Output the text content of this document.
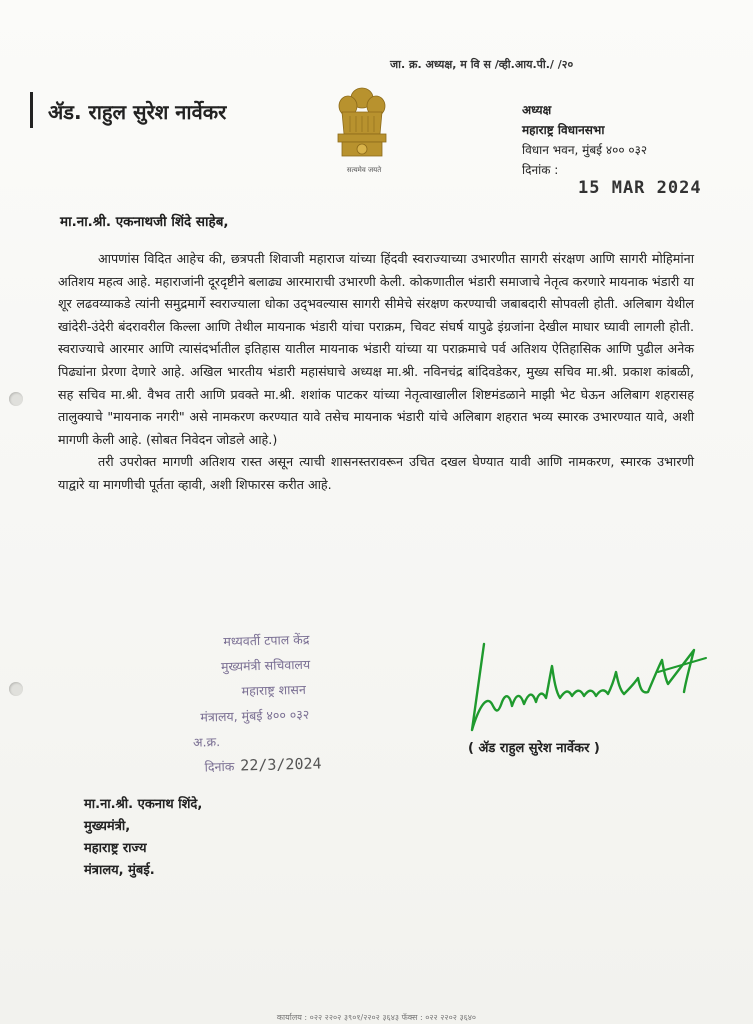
जा. क्र. अध्यक्ष, म वि स /व्ही.आय.पी./ /२०
ॲड. राहुल सुरेश नार्वेकर
सत्यमेव जयते
अध्यक्ष
महाराष्ट्र विधानसभा
विधान भवन, मुंबई ४०० ०३२
दिनांक :
15 MAR 2024
मा.ना.श्री. एकनाथजी शिंदे साहेब,

आपणांस विदित आहेच की, छत्रपती शिवाजी महाराज यांच्या हिंदवी स्वराज्याच्या उभारणीत सागरी संरक्षण आणि सागरी मोहिमांना अतिशय महत्व आहे. महाराजांनी दूरदृष्टीने बलाढ्य आरमाराची उभारणी केली. कोकणातील भंडारी समाजाचे नेतृत्व करणारे मायनाक भंडारी या शूर लढवय्याकडे त्यांनी समुद्रमार्गे स्वराज्याला धोका उद्‌भवल्यास सागरी सीमेचे संरक्षण करण्याची जबाबदारी सोपवली होती. अलिबाग येथील खांदेरी-उंदेरी बंदरावरील किल्ला आणि तेथील मायनाक भंडारी यांचा पराक्रम, चिवट संघर्ष यापुढे इंग्रजांना देखील माघार घ्यावी लागली होती. स्वराज्याचे आरमार आणि त्यासंदर्भातील इतिहास यातील मायनाक भंडारी यांच्या या पराक्रमाचे पर्व अतिशय ऐतिहासिक आणि पुढील अनेक पिढ्यांना प्रेरणा देणारे आहे. अखिल भारतीय भंडारी महासंघाचे अध्यक्ष मा.श्री. नविनचंद्र बांदिवडेकर, मुख्य सचिव मा.श्री. प्रकाश कांबळी, सह सचिव मा.श्री. वैभव तारी आणि प्रवक्ते मा.श्री. शशांक पाटकर यांच्या नेतृत्वाखालील शिष्टमंडळाने माझी भेट घेऊन अलिबाग शहरासह तालुक्याचे "मायनाक नगरी" असे नामकरण करण्यात यावे तसेच मायनाक भंडारी यांचे अलिबाग शहरात भव्य स्मारक उभारण्यात यावे, अशी मागणी केली आहे. (सोबत निवेदन जोडले आहे.)

तरी उपरोक्त मागणी अतिशय रास्त असून त्याची शासनस्तरावरून उचित दखल घेण्यात यावी आणि नामकरण, स्मारक उभारणी याद्वारे या मागणीची पूर्तता व्हावी, अशी शिफारस करीत आहे.

मध्यवर्ती टपाल केंद्र
मुख्यमंत्री सचिवालय
महाराष्ट्र शासन
मंत्रालय, मुंबई ४०० ०३२
अ.क्र.
दिनांक 22/3/2024
( ॲड राहुल सुरेश नार्वेकर )
मा.ना.श्री. एकनाथ शिंदे,
मुख्यमंत्री,
महाराष्ट्र राज्य
मंत्रालय, मुंबई.
कार्यालय : ०२२ २२०२ ३९०१/२२०२ ३६४३ फॅक्स : ०२२ २२०२ ३६४०
